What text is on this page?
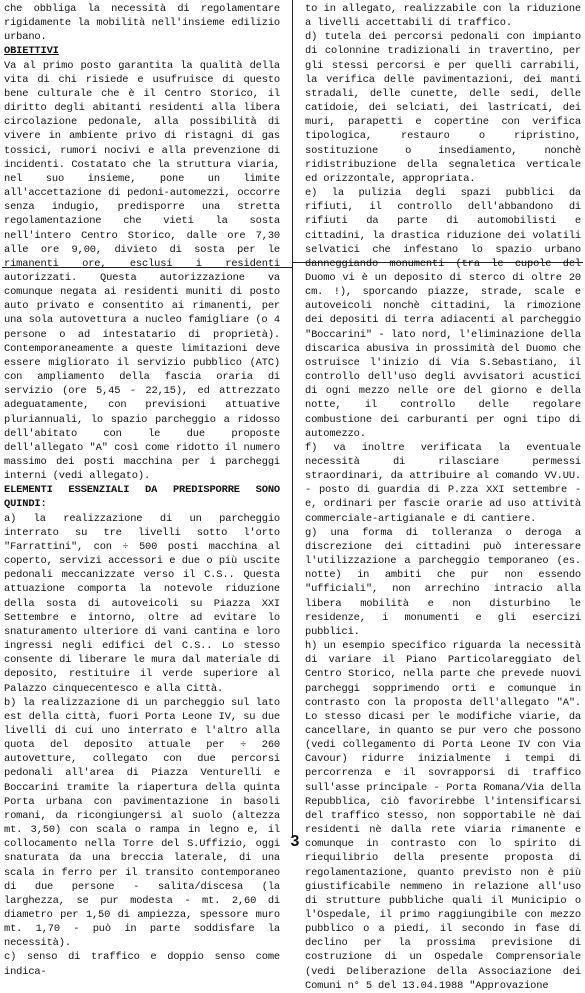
che obbliga la necessità di regolamentare rigidamente la mobilità nell'insieme edilizio urbano.

OBIETTIVI

Va al primo posto garantita la qualità della vita di chi risiede e usufruisce di questo bene culturale che è il Centro Storico, il diritto degli abitanti residenti alla libera circolazione pedonale, alla possibilità di vivere in ambiente privo di ristagni di gas tossici, rumori nocivi e alla prevenzione di incidenti. Costatato che la struttura viaria, nel suo insieme, pone un limite all'accettazione di pedoni-automezzi, occorre senza indugio, predisporre una stretta regolamentazione che vieti la sosta nell'intero Centro Storico, dalle ore 7,30 alle ore 9,00, divieto di sosta per le rimanenti ore, esclusi i residenti autorizzati. Questa autorizzazione va comunque negata ai residenti muniti di posto auto privato e consentito ai rimanenti, per una sola autovettura a nucleo famigliare (o 4 persone o ad intestatario di proprietà). Contemporaneamente a queste limitazioni deve essere migliorato il servizio pubblico (ATC) con ampliamento della fascia oraria di servizio (ore 5,45 - 22,15), ed attrezzato adeguatamente, con previsioni attuative pluriannuali, lo spazio parcheggio a ridosso dell'abitato con le due proposte dell'allegato "A" così come ridotto il numero massimo dei posti macchina per i parcheggi interni (vedi allegato).

ELEMENTI ESSENZIALI DA PREDISPORRE SONO QUINDI:

a) la realizzazione di un parcheggio interrato su tre livelli sotto l'orto "Farrattini", con ÷ 500 posti macchina al coperto, servizi accessori e due o più uscite pedonali meccanizzate verso il C.S.. Questa attuazione comporta la notevole riduzione della sosta di autoveicoli su Piazza XXI Settembre e intorno, oltre ad evitare lo snaturamento ulteriore di vani cantina e loro ingressi negli edifici del C.S.. Lo stesso consente di liberare le mura dal materiale di deposito, restituire il verde superiore al Palazzo cinquecentesco e alla Città.

b) la realizzazione di un parcheggio sul lato est della città, fuori Porta Leone IV, su due livelli di cui uno interrato e l'altro alla quota del deposito attuale per ÷ 260 autovetture, collegato con due percorsi pedonali all'area di Piazza Venturelli e Boccarini tramite la riapertura della quinta Porta urbana con pavimentazione in basoli romani, da ricongiungersi al suolo (altezza mt. 3,50) con scala o rampa in legno e, il collocamento nella Torre del S.Uffizio, oggi snaturata da una breccia laterale, di una scala in ferro per il transito contemporaneo di due persone - salita/discesa (la larghezza, se pur modesta - mt. 2,60 di diametro per 1,50 di ampiezza, spessore muro mt. 1,70 - può in parte soddisfare la necessità).

c) senso di traffico e doppio senso come indica-

to in allegato, realizzabile con la riduzione a livelli accettabili di traffico.

d) tutela dei percorsi pedonali con impianto di colonnine tradizionali in travertino, per gli stessi percorsi e per quelli carrabili, la verifica delle pavimentazioni, dei manti stradali, delle cunette, delle sedi, delle catidoie, dei selciati, dei lastricati, dei muri, parapetti e copertine con verifica tipologica, restauro o ripristino, sostituzione o insediamento, nonchè ridistribuzione della segnaletica verticale ed orizzontale, appropriata.

e) la pulizia degli spazi pubblici da rifiuti, il controllo dell'abbandono di rifiuti da parte di automobilisti e cittadini, la drastica riduzione dei volatili selvatici che infestano lo spazio urbano danneggiando monumenti (tra le cupole del Duomo vi è un deposito di sterco di oltre 20 cm. !), sporcando piazze, strade, scale e autoveicoli nonchè cittadini, la rimozione dei depositi di terra adiacenti al parcheggio "Boccarini" - lato nord, l'eliminazione della discarica abusiva in prossimità del Duomo che ostruisce l'inizio di Via S.Sebastiano, il controllo dell'uso degli avvisatori acustici di ogni mezzo nelle ore del giorno e della notte, il controllo delle regolare combustione dei carburanti per ogni tipo di automezzo.

f) va inoltre verificata la eventuale necessità di rilasciare permessi straordinari, da attribuire al comando VV.UU. - posto di guardia di P.zza XXI settembre - e, ordinari per fascie orarie ad uso attività commerciale-artigianale e di cantiere.

g) una forma di tolleranza o deroga a discrezione dei cittadini può interessare l'utilizzazione a parcheggio temporaneo (es. notte) in ambiti che pur non essendo "ufficiali", non arrechino intracio alla libera mobilità e non disturbino le residenze, i monumenti e gli esercizi pubblici.

h) un esempio specifico riguarda la necessità di variare il Piano Particolareggiato del Centro Storico, nella parte che prevede nuovi parcheggi sopprimendo orti e comunque in contrasto con la proposta dell'allegato "A". Lo stesso dicasi per le modifiche viarie, da cancellare, in quanto se pur vero che possono (vedi collegamento di Porta Leone IV con Via Cavour) ridurre inizialmente i tempi di percorrenza e il sovrapporsi di traffico sull'asse principale - Porta Romana/Via della Repubblica, ciò favorirebbe l'intensificarsi del traffico stesso, non sopportabile nè dai residenti nè dalla rete viaria rimanente e comunque in contrasto con lo spirito di riequilibrio della presente proposta di regolamentazione, quanto previsto non è più giustificabile nemmeno in relazione all'uso di strutture pubbliche quali il Municipio o l'Ospedale, il primo raggiungibile con mezzo pubblico o a piedi, il secondo in fase di declino per la prossima previsione di costruzione di un Ospedale Comprensoriale (vedi Deliberazione della Associazione dei Comuni n° 5 del 13.04.1988 "Approvazione

3
